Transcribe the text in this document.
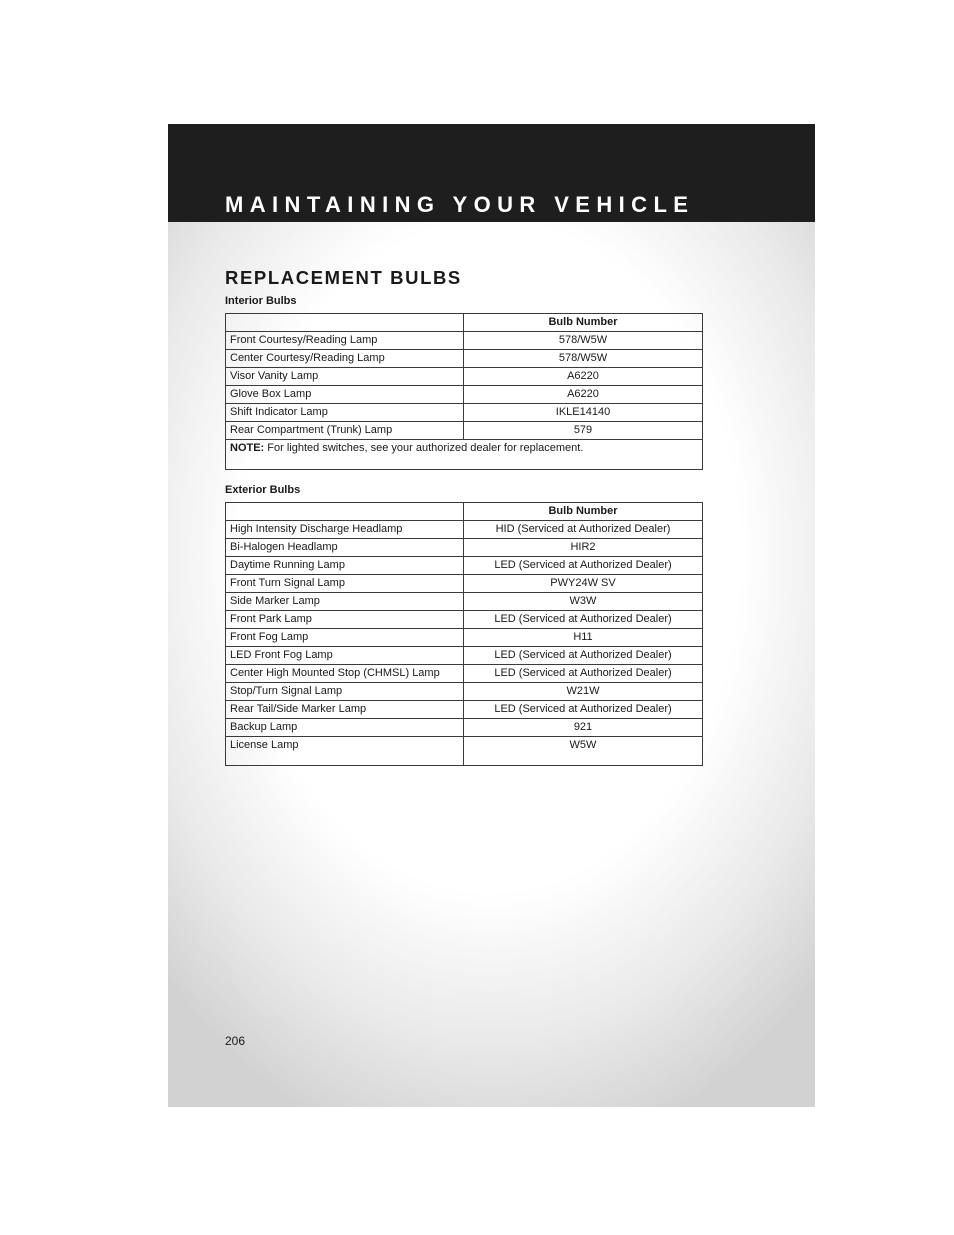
MAINTAINING YOUR VEHICLE
REPLACEMENT BULBS
Interior Bulbs
	Bulb Number
Front Courtesy/Reading Lamp	578/W5W
Center Courtesy/Reading Lamp	578/W5W
Visor Vanity Lamp	A6220
Glove Box Lamp	A6220
Shift Indicator Lamp	IKLE14140
Rear Compartment (Trunk) Lamp	579
NOTE: For lighted switches, see your authorized dealer for replacement.	
Exterior Bulbs
	Bulb Number
High Intensity Discharge Headlamp	HID (Serviced at Authorized Dealer)
Bi-Halogen Headlamp	HIR2
Daytime Running Lamp	LED (Serviced at Authorized Dealer)
Front Turn Signal Lamp	PWY24W SV
Side Marker Lamp	W3W
Front Park Lamp	LED (Serviced at Authorized Dealer)
Front Fog Lamp	H11
LED Front Fog Lamp	LED (Serviced at Authorized Dealer)
Center High Mounted Stop (CHMSL) Lamp	LED (Serviced at Authorized Dealer)
Stop/Turn Signal Lamp	W21W
Rear Tail/Side Marker Lamp	LED (Serviced at Authorized Dealer)
Backup Lamp	921
License Lamp	W5W
206
